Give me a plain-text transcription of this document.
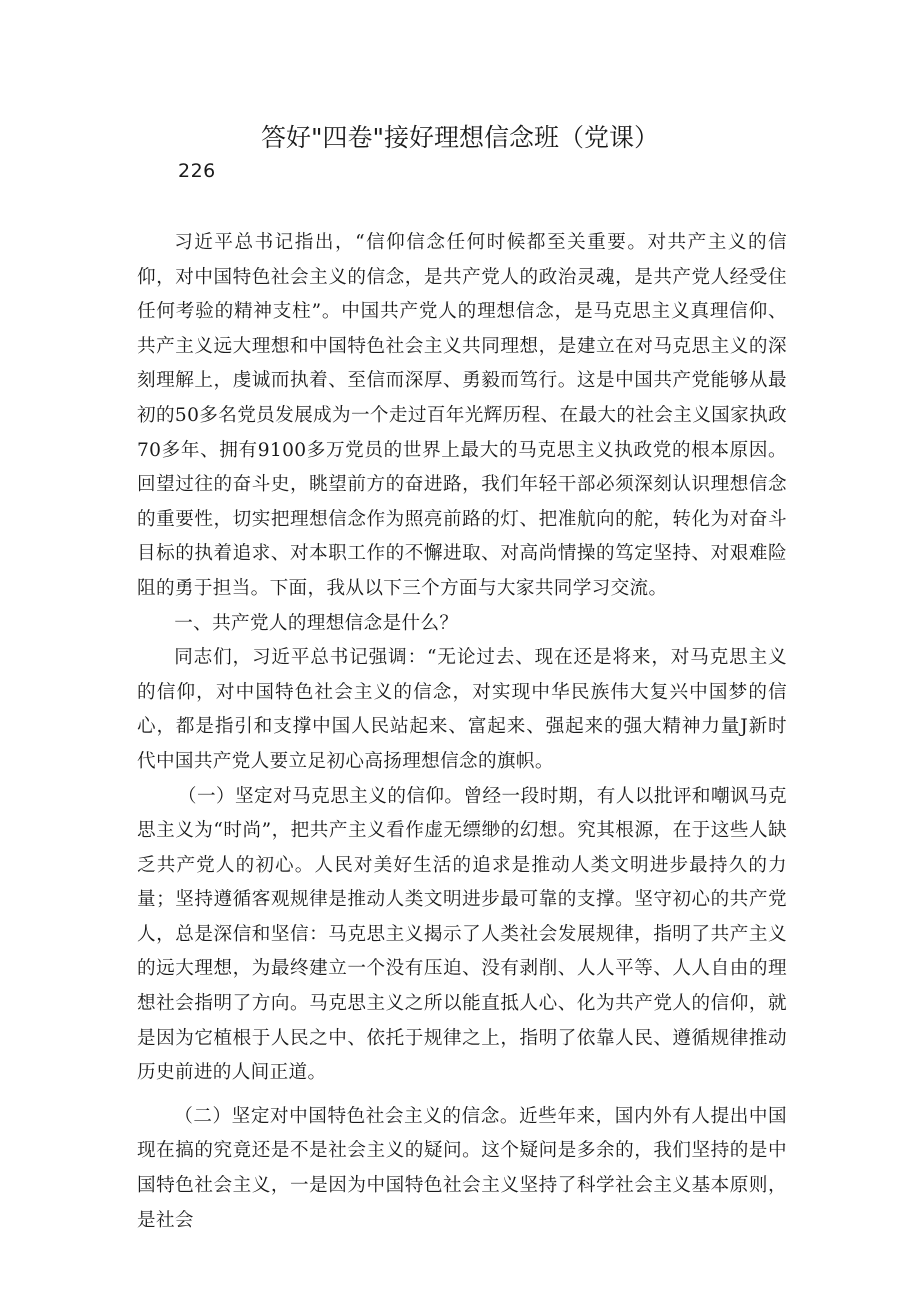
答好"四卷"接好理想信念班（党课）
226

习近平总书记指出，“信仰信念任何时候都至关重要。对共产主义的信仰，对中国特色社会主义的信念，是共产党人的政治灵魂，是共产党人经受住任何考验的精神支柱”。中国共产党人的理想信念，是马克思主义真理信仰、共产主义远大理想和中国特色社会主义共同理想，是建立在对马克思主义的深刻理解上，虔诚而执着、至信而深厚、勇毅而笃行。这是中国共产党能够从最初的50多名党员发展成为一个走过百年光辉历程、在最大的社会主义国家执政70多年、拥有9100多万党员的世界上最大的马克思主义执政党的根本原因。回望过往的奋斗史，眺望前方的奋进路，我们年轻干部必须深刻认识理想信念的重要性，切实把理想信念作为照亮前路的灯、把准航向的舵，转化为对奋斗目标的执着追求、对本职工作的不懈进取、对高尚情操的笃定坚持、对艰难险阻的勇于担当。下面，我从以下三个方面与大家共同学习交流。

一、共产党人的理想信念是什么？

同志们，习近平总书记强调：“无论过去、现在还是将来，对马克思主义的信仰，对中国特色社会主义的信念，对实现中华民族伟大复兴中国梦的信心，都是指引和支撑中国人民站起来、富起来、强起来的强大精神力量J新时代中国共产党人要立足初心高扬理想信念的旗帜。

（一）坚定对马克思主义的信仰。曾经一段时期，有人以批评和嘲讽马克思主义为“时尚”，把共产主义看作虚无缥缈的幻想。究其根源，在于这些人缺乏共产党人的初心。人民对美好生活的追求是推动人类文明进步最持久的力量；坚持遵循客观规律是推动人类文明进步最可靠的支撑。坚守初心的共产党人，总是深信和坚信：马克思主义揭示了人类社会发展规律，指明了共产主义的远大理想，为最终建立一个没有压迫、没有剥削、人人平等、人人自由的理想社会指明了方向。马克思主义之所以能直抵人心、化为共产党人的信仰，就是因为它植根于人民之中、依托于规律之上，指明了依靠人民、遵循规律推动历史前进的人间正道。

（二）坚定对中国特色社会主义的信念。近些年来，国内外有人提出中国现在搞的究竟还是不是社会主义的疑问。这个疑问是多余的，我们坚持的是中国特色社会主义，一是因为中国特色社会主义坚持了科学社会主义基本原则，是社会
